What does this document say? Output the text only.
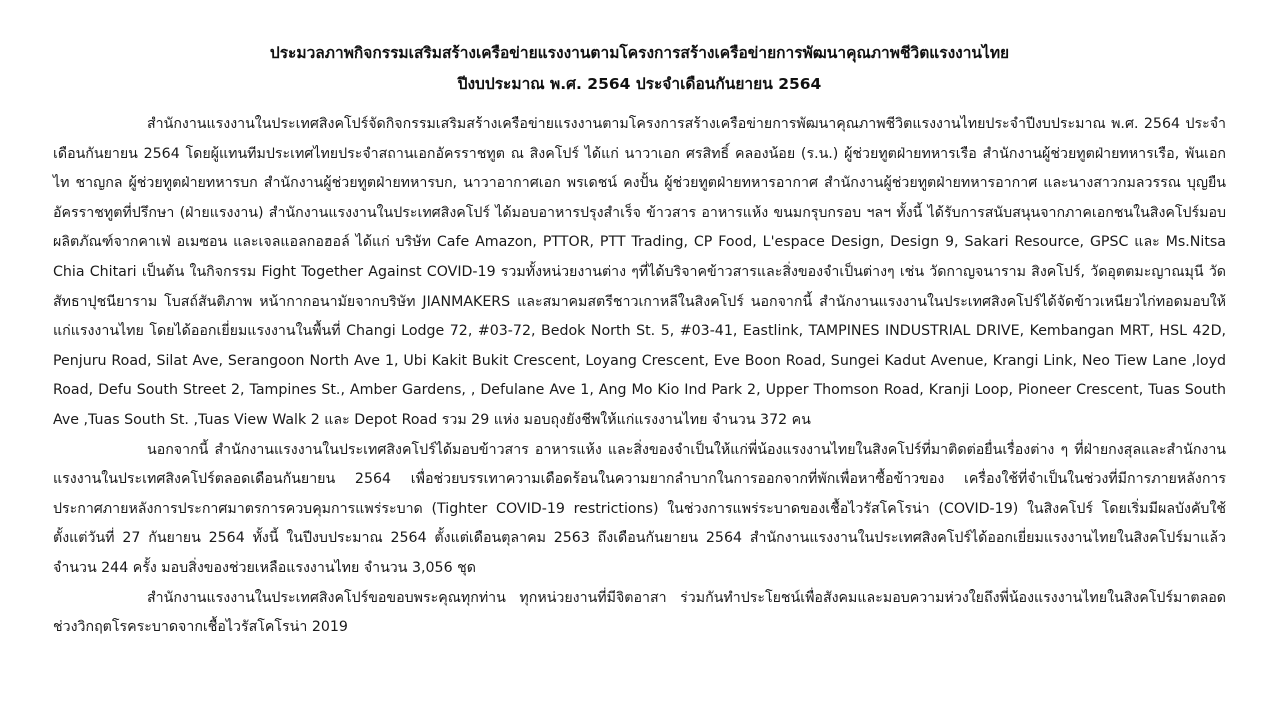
ประมวลภาพกิจกรรมเสริมสร้างเครือข่ายแรงงานตามโครงการสร้างเครือข่ายการพัฒนาคุณภาพชีวิตแรงงานไทย
ปีงบประมาณ พ.ศ. 2564 ประจำเดือนกันยายน 2564

สำนักงานแรงงานในประเทศสิงคโปร์จัดกิจกรรมเสริมสร้างเครือข่ายแรงงานตามโครงการสร้างเครือข่ายการพัฒนาคุณภาพชีวิตแรงงานไทยประจำปีงบประมาณ พ.ศ. 2564 ประจำเดือนกันยายน 2564 โดยผู้แทนทีมประเทศไทยประจำสถานเอกอัครราชทูต ณ สิงคโปร์ ได้แก่ นาวาเอก ศรสิทธิ์ คลองน้อย (ร.น.) ผู้ช่วยทูตฝ่ายทหารเรือ สำนักงานผู้ช่วยทูตฝ่ายทหารเรือ, พันเอก ไท ชาญกล ผู้ช่วยทูตฝ่ายทหารบก สำนักงานผู้ช่วยทูตฝ่ายทหารบก, นาวาอากาศเอก พรเดชน์ คงปั้น ผู้ช่วยทูตฝ่ายทหารอากาศ สำนักงานผู้ช่วยทูตฝ่ายทหารอากาศ และนางสาวกมลวรรณ บุญยืน อัครราชทูตที่ปรึกษา (ฝ่ายแรงงาน) สำนักงานแรงงานในประเทศสิงคโปร์ ได้มอบอาหารปรุงสำเร็จ ข้าวสาร อาหารแห้ง ขนมกรุบกรอบ ฯลฯ ทั้งนี้ ได้รับการสนับสนุนจากภาคเอกชนในสิงคโปร์มอบผลิตภัณฑ์จากคาเฟ่ อเมซอน และเจลแอลกอฮอล์ ได้แก่ บริษัท Cafe Amazon, PTTOR, PTT Trading, CP Food, L'espace Design, Design 9, Sakari Resource, GPSC และ Ms.Nitsa Chia Chitari เป็นต้น ในกิจกรรม Fight Together Against COVID-19 รวมทั้งหน่วยงานต่าง ๆที่ได้บริจาคข้าวสารและสิ่งของจำเป็นต่างๆ เช่น วัดกาญจนาราม สิงคโปร์, วัดอุตตมะญาณมุนี วัดสัทธาปุชนียาราม โบสถ์สันติภาพ หน้ากากอนามัยจากบริษัท JIANMAKERS และสมาคมสตรีชาวเกาหลีในสิงคโปร์ นอกจากนี้ สำนักงานแรงงานในประเทศสิงคโปร์ได้จัดข้าวเหนียวไก่ทอดมอบให้แก่แรงงานไทย โดยได้ออกเยี่ยมแรงงานในพื้นที่ Changi Lodge 72, #03-72, Bedok North St. 5, #03-41, Eastlink, TAMPINES INDUSTRIAL DRIVE, Kembangan MRT, HSL 42D, Penjuru Road, Silat Ave, Serangoon North Ave 1, Ubi Kakit Bukit Crescent, Loyang Crescent, Eve Boon Road, Sungei Kadut Avenue, Krangi Link, Neo Tiew Lane ,loyd Road, Defu South Street 2, Tampines St., Amber Gardens, , Defulane Ave 1, Ang Mo Kio Ind Park 2, Upper Thomson Road, Kranji Loop, Pioneer Crescent, Tuas South Ave ,Tuas South St. ,Tuas View Walk 2 และ Depot Road รวม 29 แห่ง มอบถุงยังชีพให้แก่แรงงานไทย จำนวน 372 คน

นอกจากนี้ สำนักงานแรงงานในประเทศสิงคโปร์ได้มอบข้าวสาร อาหารแห้ง และสิ่งของจำเป็นให้แก่พี่น้องแรงงานไทยในสิงคโปร์ที่มาติดต่อยื่นเรื่องต่าง ๆ ที่ฝ่ายกงสุลและสำนักงานแรงงานในประเทศสิงคโปร์ตลอดเดือนกันยายน 2564 เพื่อช่วยบรรเทาความเดือดร้อนในความยากลำบากในการออกจากที่พักเพื่อหาซื้อข้าวของ เครื่องใช้ที่จำเป็นในช่วงที่มีการภายหลังการประกาศภายหลังการประกาศมาตรการควบคุมการแพร่ระบาด (Tighter COVID-19 restrictions) ในช่วงการแพร่ระบาดของเชื้อไวรัสโคโรน่า (COVID-19) ในสิงคโปร์ โดยเริ่มมีผลบังคับใช้ตั้งแต่วันที่ 27 กันยายน 2564 ทั้งนี้ ในปีงบประมาณ 2564 ตั้งแต่เดือนตุลาคม 2563 ถึงเดือนกันยายน 2564 สำนักงานแรงงานในประเทศสิงคโปร์ได้ออกเยี่ยมแรงงานไทยในสิงคโปร์มาแล้วจำนวน 244 ครั้ง มอบสิ่งของช่วยเหลือแรงงานไทย จำนวน 3,056 ชุด

สำนักงานแรงงานในประเทศสิงคโปร์ขอขอบพระคุณทุกท่าน ทุกหน่วยงานที่มีจิตอาสา ร่วมกันทำประโยชน์เพื่อสังคมและมอบความห่วงใยถึงพี่น้องแรงงานไทยในสิงคโปร์มาตลอดช่วงวิกฤตโรคระบาดจากเชื้อไวรัสโคโรน่า 2019
